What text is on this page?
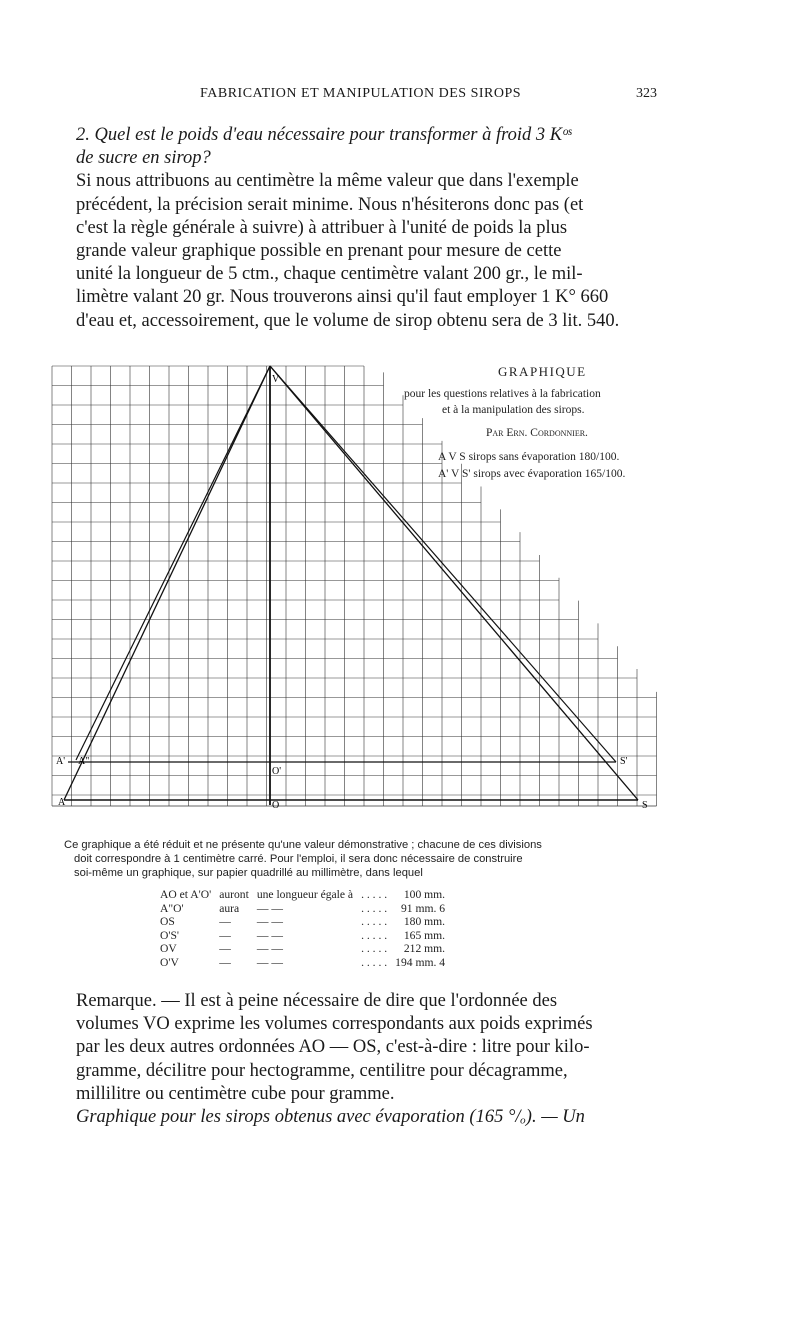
FABRICATION ET MANIPULATION DES SIROPS	323
2. Quel est le poids d'eau nécessaire pour transformer à froid 3 Kᵒˢ
de sucre en sirop?
Si nous attribuons au centimètre la même valeur que dans l'exemple
précédent, la précision serait minime. Nous n'hésiterons donc pas (et
c'est la règle générale à suivre) à attribuer à l'unité de poids la plus
grande valeur graphique possible en prenant pour mesure de cette
unité la longueur de 5 ctm., chaque centimètre valant 200 gr., le mil-
limètre valant 20 gr. Nous trouverons ainsi qu'il faut employer 1 K° 660
d'eau et, accessoirement, que le volume de sirop obtenu sera de 3 lit. 540.
V
A' A"
A
O'
O
S'
S
GRAPHIQUE
pour les questions relatives à la fabrication
et à la manipulation des sirops.
Par Ern. Cordonnier.
A V S sirops sans évaporation 180/100.
A' V S' sirops avec évaporation 165/100.
Ce graphique a été réduit et ne présente qu'une valeur démonstrative ; chacune de ces divisions
doit correspondre à 1 centimètre carré. Pour l'emploi, il sera donc nécessaire de construire
soi-même un graphique, sur papier quadrillé au millimètre, dans lequel
AO et A'O'	auront	une longueur égale à	. . . . .	100 mm.
A"O'	aura	— —	. . . . .	91 mm. 6
OS	—	— —	. . . . .	180 mm.
O'S'	—	— —	. . . . .	165 mm.
OV	—	— —	. . . . .	212 mm.
O'V	—	— —	. . . . .	194 mm. 4
Remarque. — Il est à peine nécessaire de dire que l'ordonnée des
volumes VO exprime les volumes correspondants aux poids exprimés
par les deux autres ordonnées AO — OS, c'est-à-dire : litre pour kilo-
gramme, décilitre pour hectogramme, centilitre pour décagramme,
millilitre ou centimètre cube pour gramme.
Graphique pour les sirops obtenus avec évaporation (165 °/ₒ). — Un
